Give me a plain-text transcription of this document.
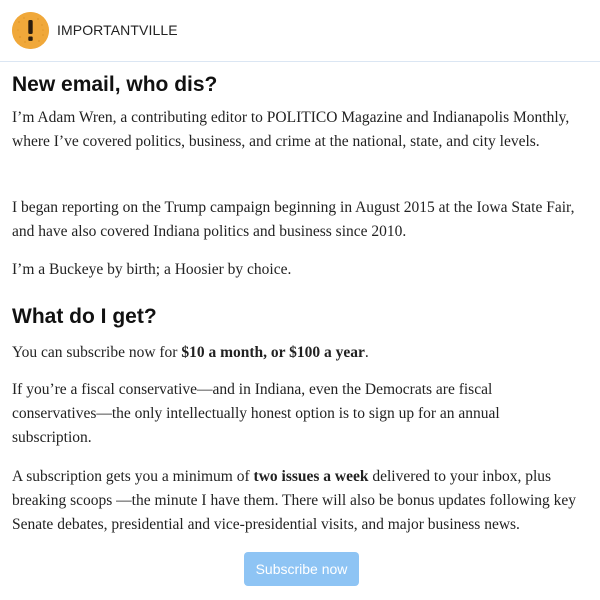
IMPORTANTVILLE
New email, who dis?

I’m Adam Wren, a contributing editor to POLITICO Magazine and Indianapolis Monthly, where I’ve covered politics, business, and crime at the national, state, and city levels.

I began reporting on the Trump campaign beginning in August 2015 at the Iowa State Fair, and have also covered Indiana politics and business since 2010.

I’m a Buckeye by birth; a Hoosier by choice.

What do I get?

You can subscribe now for $10 a month, or $100 a year.

If you’re a fiscal conservative—and in Indiana, even the Democrats are fiscal conservatives—the only intellectually honest option is to sign up for an annual subscription.

A subscription gets you a minimum of two issues a week delivered to your inbox, plus breaking scoops —the minute I have them. There will also be bonus updates following key Senate debates, presidential and vice-presidential visits, and major business news.

Subscribe now
